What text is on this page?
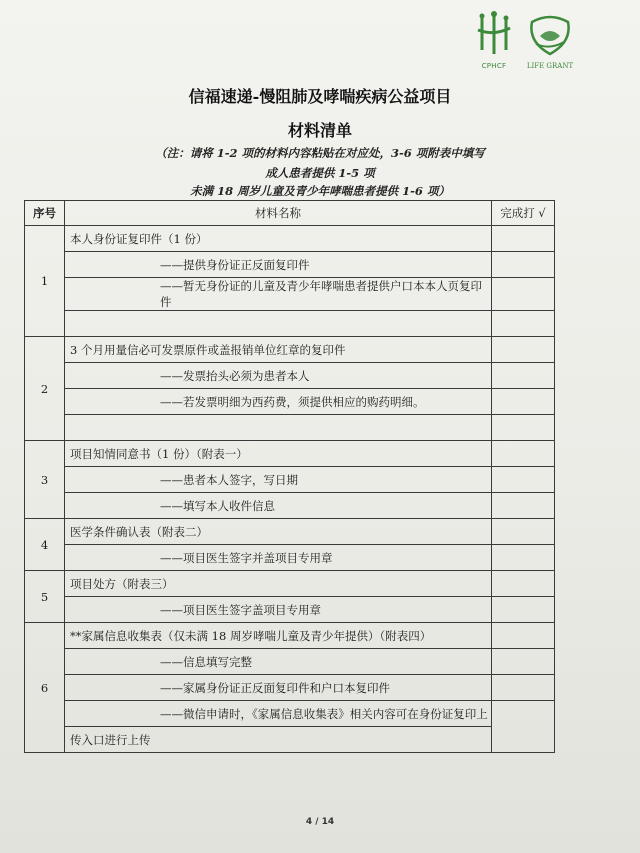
CPHCF	LIFE GRANT
信福速递-慢阻肺及哮喘疾病公益项目
材料清单
（注：请将 1-2 项的材料内容粘贴在对应处，3-6 项附表中填写
成人患者提供 1-5 项
未满 18 周岁儿童及青少年哮喘患者提供 1-6 项）
序号	材料名称	完成打 √
1	本人身份证复印件（1 份）	
	——提供身份证正反面复印件	
	——暂无身份证的儿童及青少年哮喘患者提供户口本本人页复印件	

2	3 个月用量信必可发票原件或盖报销单位红章的复印件	
	——发票抬头必须为患者本人	
	——若发票明细为西药费，须提供相应的购药明细。	

3	项目知情同意书（1 份）（附表一）	
	——患者本人签字，写日期	
	——填写本人收件信息	
4	医学条件确认表（附表二）	
	——项目医生签字并盖项目专用章	
5	项目处方（附表三）	
	——项目医生签字盖项目专用章	
6	**家属信息收集表（仅未满 18 周岁哮喘儿童及青少年提供）（附表四）	
	——信息填写完整	
	——家属身份证正反面复印件和户口本复印件	
	——微信申请时，《家属信息收集表》相关内容可在身份证复印上	
	传入口进行上传	
4 / 14
